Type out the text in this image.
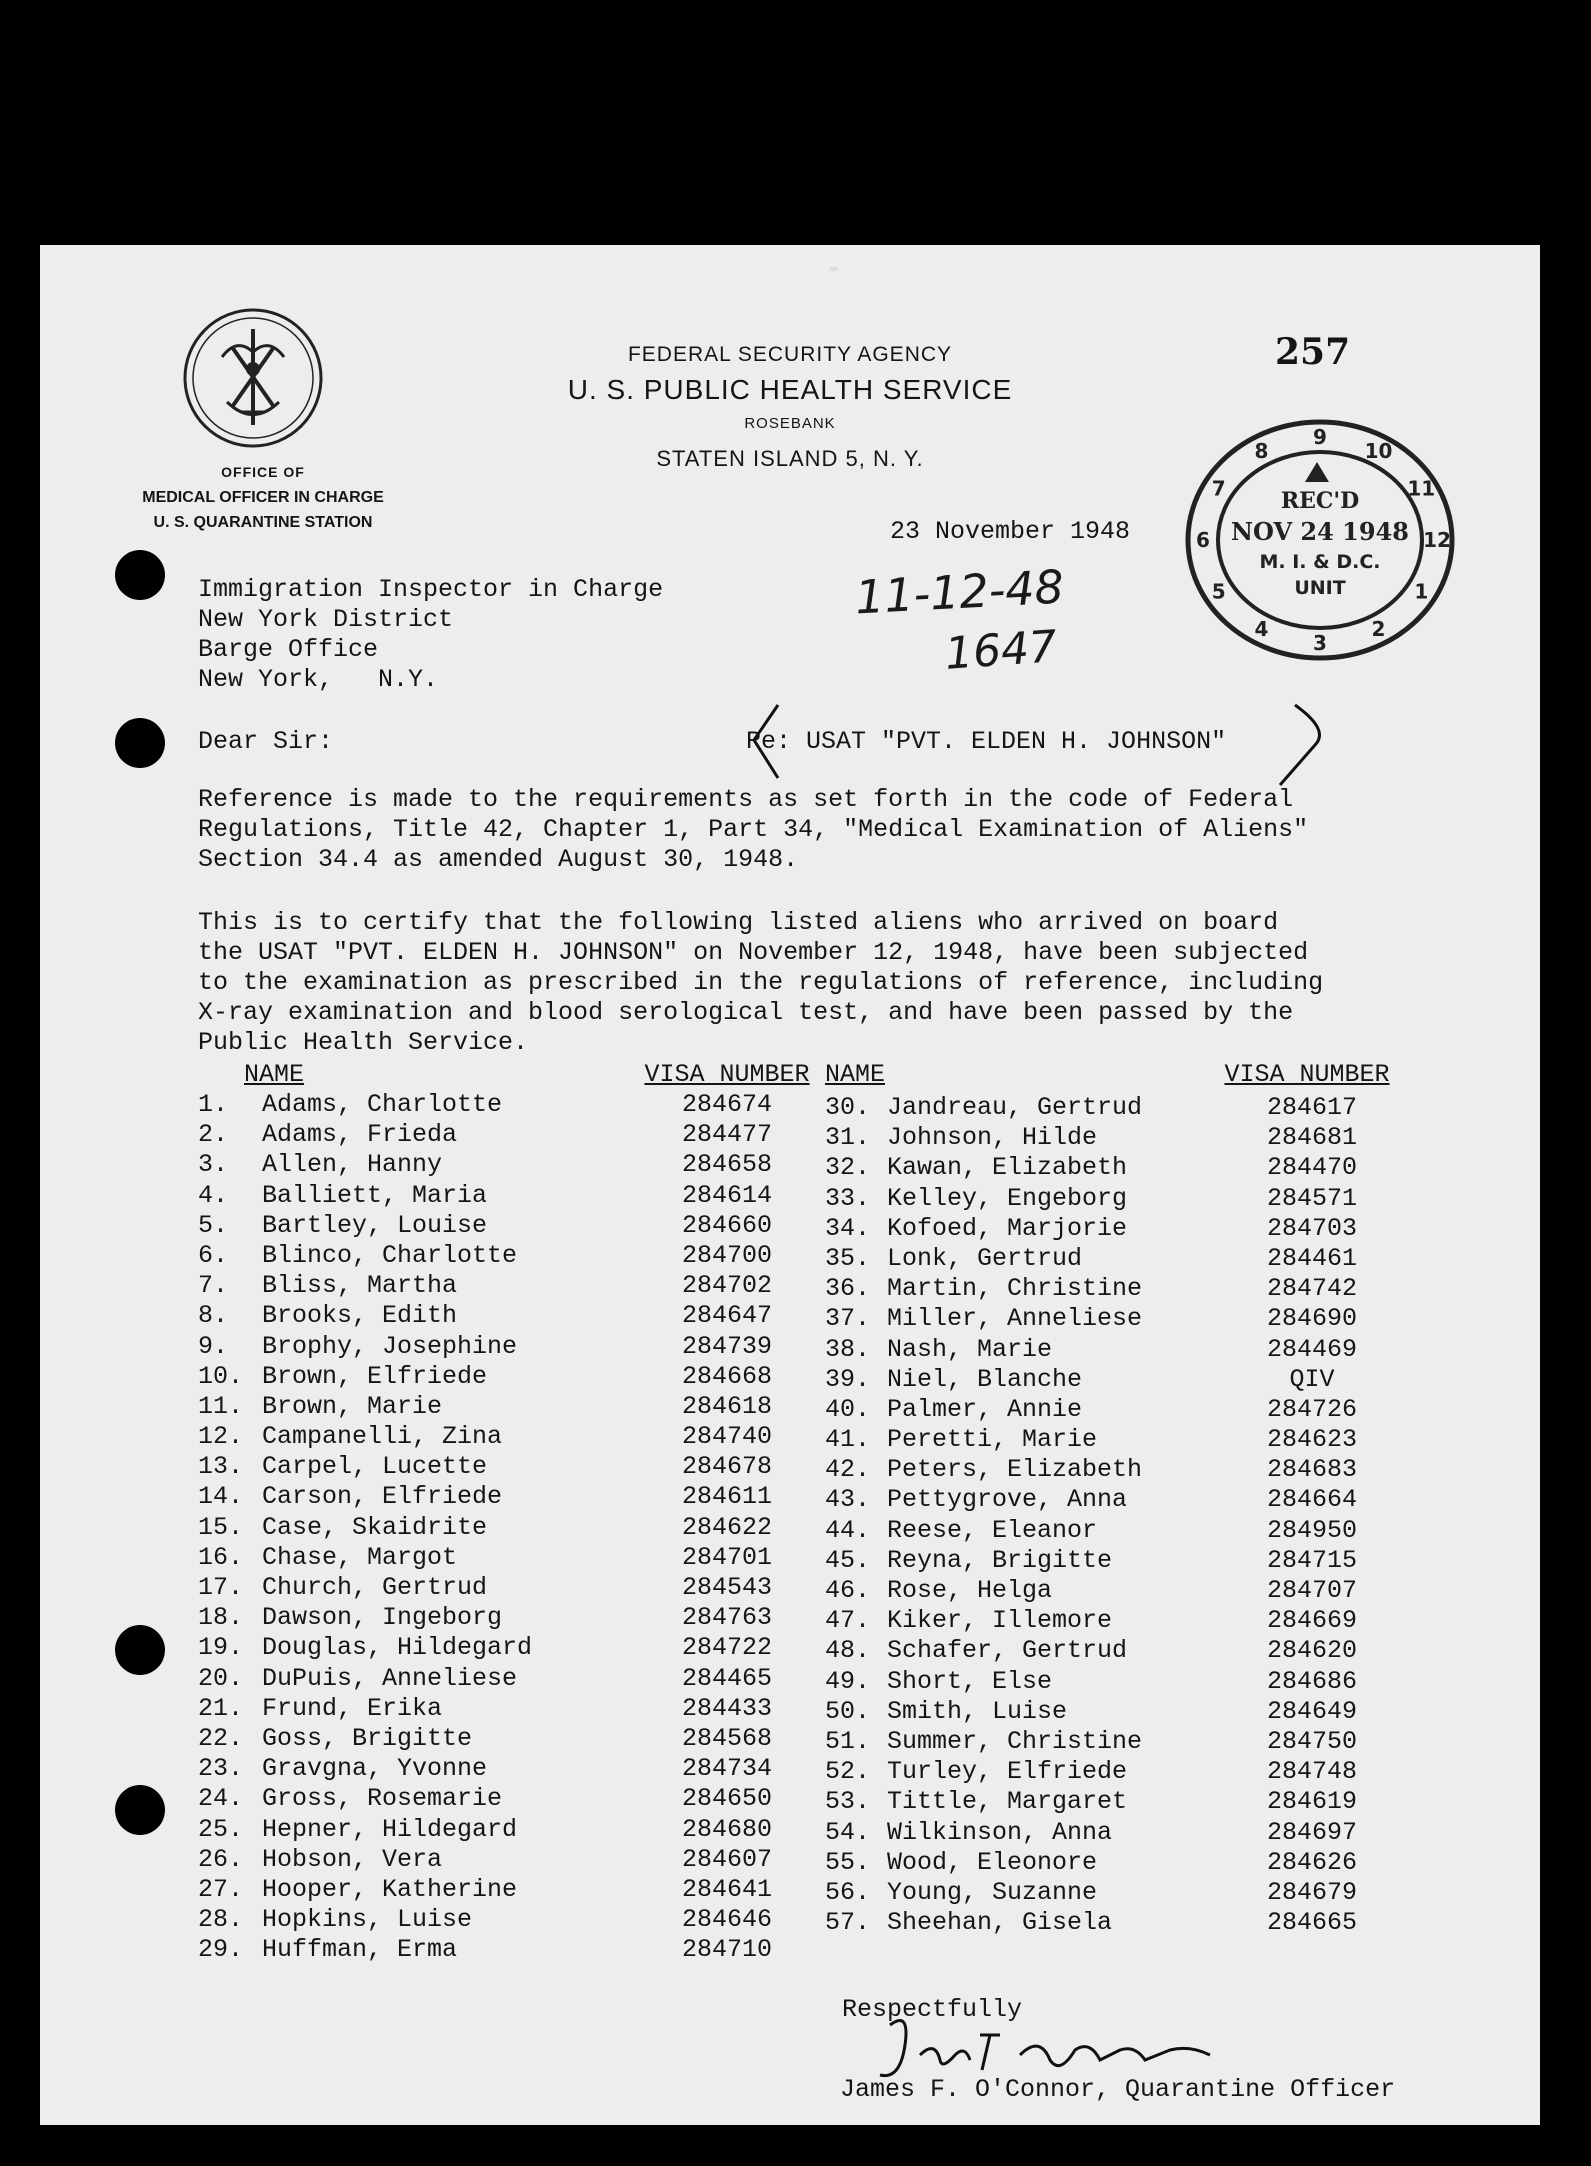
OFFICE OF
MEDICAL OFFICER IN CHARGE
U. S. QUARANTINE STATION
FEDERAL SECURITY AGENCY
U. S. PUBLIC HEALTH SERVICE
ROSEBANK
STATEN ISLAND 5, N. Y.
257
8
9
10
11
12
1
2
3
4
5
6
7	REC'D
NOV 24 1948
M. I. & D.C.
UNIT
23 November 1948
11-12-48
1647
Immigration Inspector in Charge
New York District
Barge Office
New York,   N.Y.
Dear Sir:	Re: USAT "PVT. ELDEN H. JOHNSON"
Reference is made to the requirements as set forth in the code of Federal
Regulations, Title 42, Chapter 1, Part 34, "Medical Examination of Aliens"
Section 34.4 as amended August 30, 1948.
This is to certify that the following listed aliens who arrived on board
the USAT "PVT. ELDEN H. JOHNSON" on November 12, 1948, have been subjected
to the examination as prescribed in the regulations of reference, including
X-ray examination and blood serological test, and have been passed by the
Public Health Service.
NAME	VISA NUMBER
1.	Adams, Charlotte	284674
2.	Adams, Frieda	284477
3.	Allen, Hanny	284658
4.	Balliett, Maria	284614
5.	Bartley, Louise	284660
6.	Blinco, Charlotte	284700
7.	Bliss, Martha	284702
8.	Brooks, Edith	284647
9.	Brophy, Josephine	284739
10. Brown, Elfriede	284668
11. Brown, Marie	284618
12. Campanelli, Zina	284740
13. Carpel, Lucette	284678
14. Carson, Elfriede	284611
15. Case, Skaidrite	284622
16. Chase, Margot	284701
17. Church, Gertrud	284543
18. Dawson, Ingeborg	284763
19. Douglas, Hildegard	284722
20. DuPuis, Anneliese	284465
21. Frund, Erika	284433
22. Goss, Brigitte	284568
23. Gravgna, Yvonne	284734
24. Gross, Rosemarie	284650
25. Hepner, Hildegard	284680
26. Hobson, Vera	284607
27. Hooper, Katherine	284641
28. Hopkins, Luise	284646
29. Huffman, Erma	284710
NAME	VISA NUMBER
30. Jandreau, Gertrud	284617
31. Johnson, Hilde	284681
32. Kawan, Elizabeth	284470
33. Kelley, Engeborg	284571
34. Kofoed, Marjorie	284703
35. Lonk, Gertrud	284461
36. Martin, Christine	284742
37. Miller, Anneliese	284690
38. Nash, Marie	284469
39. Niel, Blanche	QIV
40. Palmer, Annie	284726
41. Peretti, Marie	284623
42. Peters, Elizabeth	284683
43. Pettygrove, Anna	284664
44. Reese, Eleanor	284950
45. Reyna, Brigitte	284715
46. Rose, Helga	284707
47. Kiker, Illemore	284669
48. Schafer, Gertrud	284620
49. Short, Else	284686
50. Smith, Luise	284649
51. Summer, Christine	284750
52. Turley, Elfriede	284748
53. Tittle, Margaret	284619
54. Wilkinson, Anna	284697
55. Wood, Eleonore	284626
56. Young, Suzanne	284679
57. Sheehan, Gisela	284665
Respectfully
James F. O'Connor, Quarantine Officer
